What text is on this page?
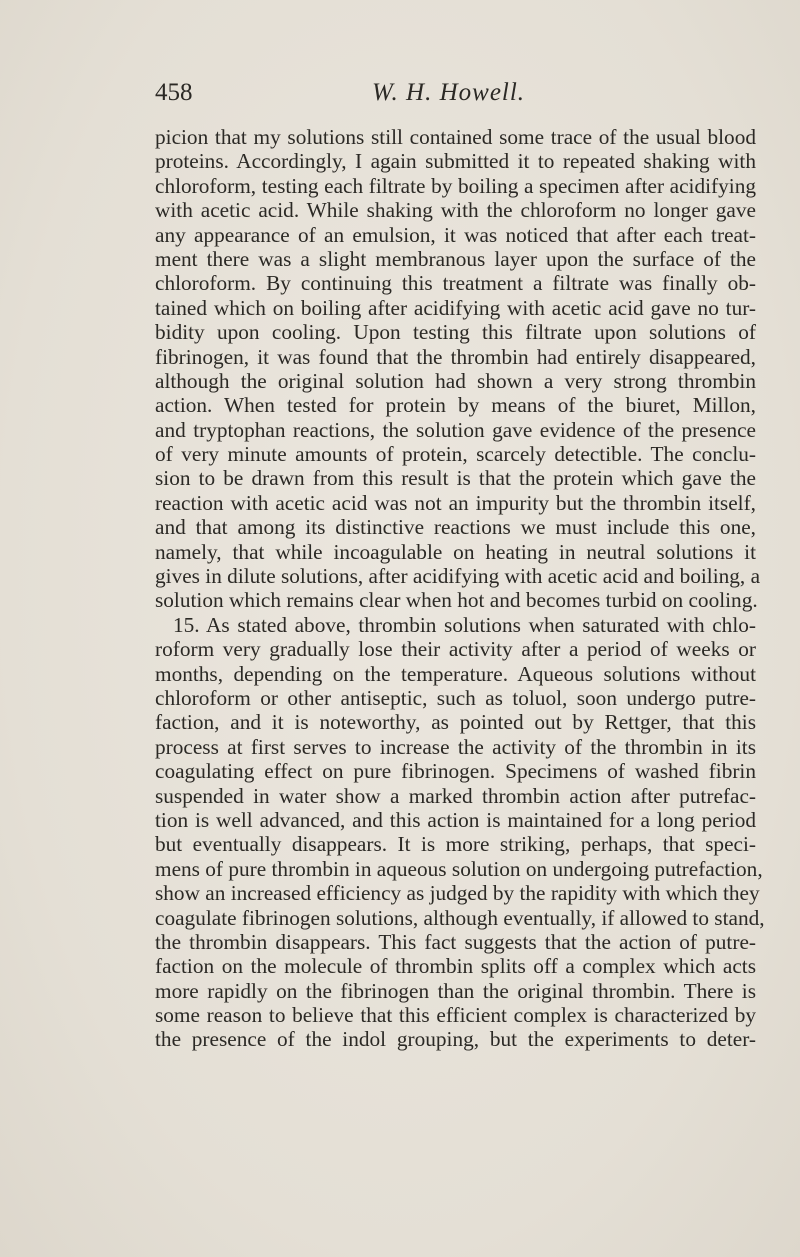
458	W. H. Howell.
picion that my solutions still contained some trace of the usual blood
proteins. Accordingly, I again submitted it to repeated shaking with
chloroform, testing each filtrate by boiling a specimen after acidifying
with acetic acid. While shaking with the chloroform no longer gave
any appearance of an emulsion, it was noticed that after each treat-
ment there was a slight membranous layer upon the surface of the
chloroform. By continuing this treatment a filtrate was finally ob-
tained which on boiling after acidifying with acetic acid gave no tur-
bidity upon cooling. Upon testing this filtrate upon solutions of
fibrinogen, it was found that the thrombin had entirely disappeared,
although the original solution had shown a very strong thrombin
action. When tested for protein by means of the biuret, Millon,
and tryptophan reactions, the solution gave evidence of the presence
of very minute amounts of protein, scarcely detectible. The conclu-
sion to be drawn from this result is that the protein which gave the
reaction with acetic acid was not an impurity but the thrombin itself,
and that among its distinctive reactions we must include this one,
namely, that while incoagulable on heating in neutral solutions it
gives in dilute solutions, after acidifying with acetic acid and boiling, a
solution which remains clear when hot and becomes turbid on cooling.
15. As stated above, thrombin solutions when saturated with chlo-
roform very gradually lose their activity after a period of weeks or
months, depending on the temperature. Aqueous solutions without
chloroform or other antiseptic, such as toluol, soon undergo putre-
faction, and it is noteworthy, as pointed out by Rettger, that this
process at first serves to increase the activity of the thrombin in its
coagulating effect on pure fibrinogen. Specimens of washed fibrin
suspended in water show a marked thrombin action after putrefac-
tion is well advanced, and this action is maintained for a long period
but eventually disappears. It is more striking, perhaps, that speci-
mens of pure thrombin in aqueous solution on undergoing putrefaction,
show an increased efficiency as judged by the rapidity with which they
coagulate fibrinogen solutions, although eventually, if allowed to stand,
the thrombin disappears. This fact suggests that the action of putre-
faction on the molecule of thrombin splits off a complex which acts
more rapidly on the fibrinogen than the original thrombin. There is
some reason to believe that this efficient complex is characterized by
the presence of the indol grouping, but the experiments to deter-
